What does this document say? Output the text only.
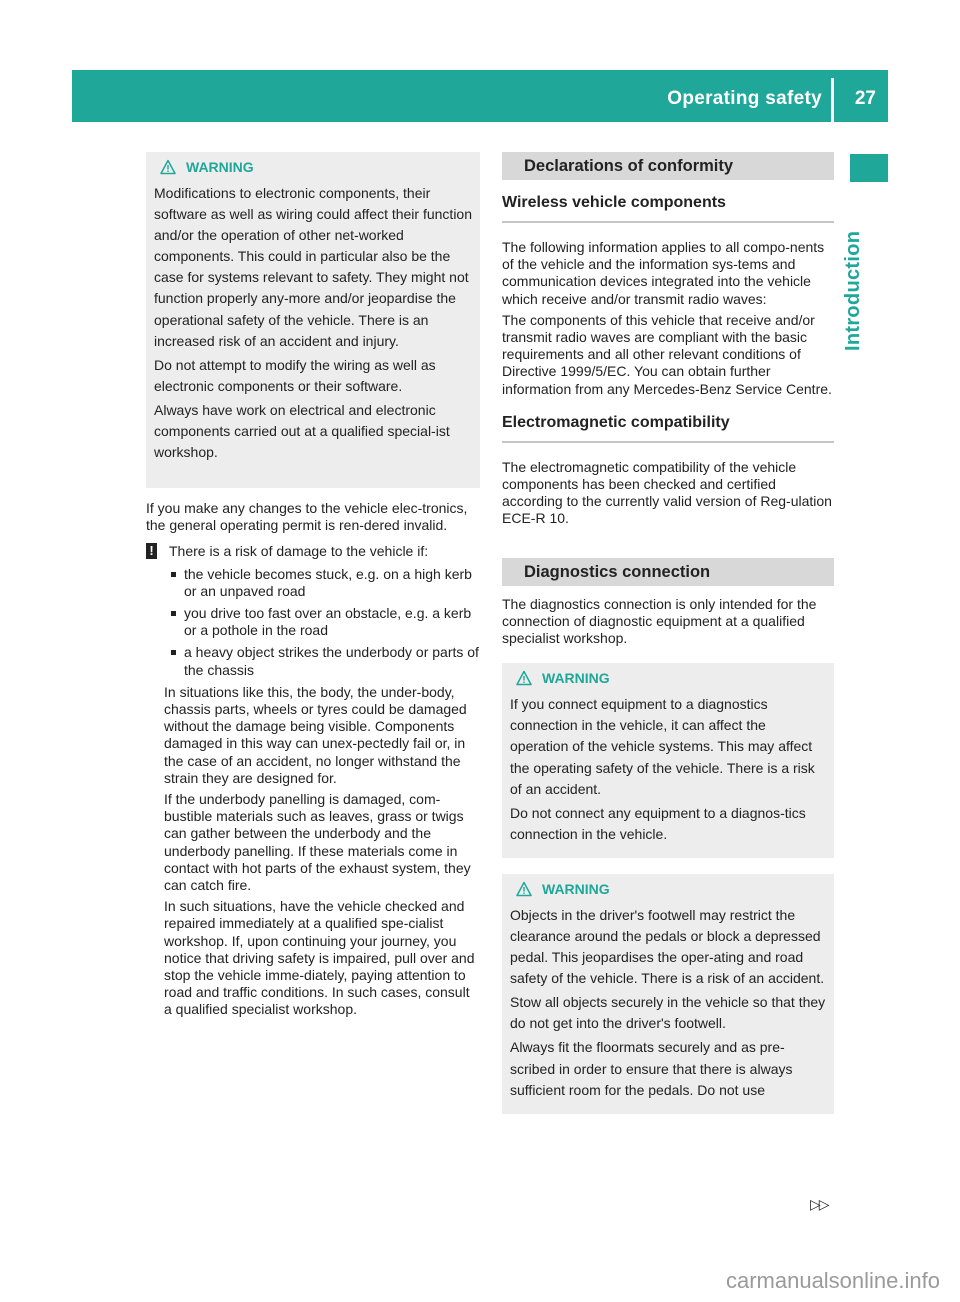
Operating safety 27
Introduction
WARNING

Modifications to electronic components, their software as well as wiring could affect their function and/or the operation of other net-worked components. This could in particular also be the case for systems relevant to safety. They might not function properly any-more and/or jeopardise the operational safety of the vehicle. There is an increased risk of an accident and injury.

Do not attempt to modify the wiring as well as electronic components or their software.

Always have work on electrical and electronic components carried out at a qualified special-ist workshop.

If you make any changes to the vehicle elec-tronics, the general operating permit is ren-dered invalid.

! There is a risk of damage to the vehicle if:
the vehicle becomes stuck, e.g. on a high kerb or an unpaved road
you drive too fast over an obstacle, e.g. a kerb or a pothole in the road
a heavy object strikes the underbody or parts of the chassis

In situations like this, the body, the under-body, chassis parts, wheels or tyres could be damaged without the damage being visible. Components damaged in this way can unex-pectedly fail or, in the case of an accident, no longer withstand the strain they are designed for.

If the underbody panelling is damaged, com-bustible materials such as leaves, grass or twigs can gather between the underbody and the underbody panelling. If these materials come in contact with hot parts of the exhaust system, they can catch fire.

In such situations, have the vehicle checked and repaired immediately at a qualified spe-cialist workshop. If, upon continuing your journey, you notice that driving safety is impaired, pull over and stop the vehicle imme-diately, paying attention to road and traffic conditions. In such cases, consult a qualified specialist workshop.

Declarations of conformity
Wireless vehicle components

The following information applies to all compo-nents of the vehicle and the information sys-tems and communication devices integrated into the vehicle which receive and/or transmit radio waves:

The components of this vehicle that receive and/or transmit radio waves are compliant with the basic requirements and all other relevant conditions of Directive 1999/5/EC. You can obtain further information from any Mercedes-Benz Service Centre.

Electromagnetic compatibility

The electromagnetic compatibility of the vehicle components has been checked and certified according to the currently valid version of Reg-ulation ECE-R 10.

Diagnostics connection

The diagnostics connection is only intended for the connection of diagnostic equipment at a qualified specialist workshop.

WARNING

If you connect equipment to a diagnostics connection in the vehicle, it can affect the operation of the vehicle systems. This may affect the operating safety of the vehicle. There is a risk of an accident.

Do not connect any equipment to a diagnos-tics connection in the vehicle.

WARNING

Objects in the driver's footwell may restrict the clearance around the pedals or block a depressed pedal. This jeopardises the oper-ating and road safety of the vehicle. There is a risk of an accident.

Stow all objects securely in the vehicle so that they do not get into the driver's footwell.

Always fit the floormats securely and as pre-scribed in order to ensure that there is always sufficient room for the pedals. Do not use

▷▷
carmanualsonline.info
